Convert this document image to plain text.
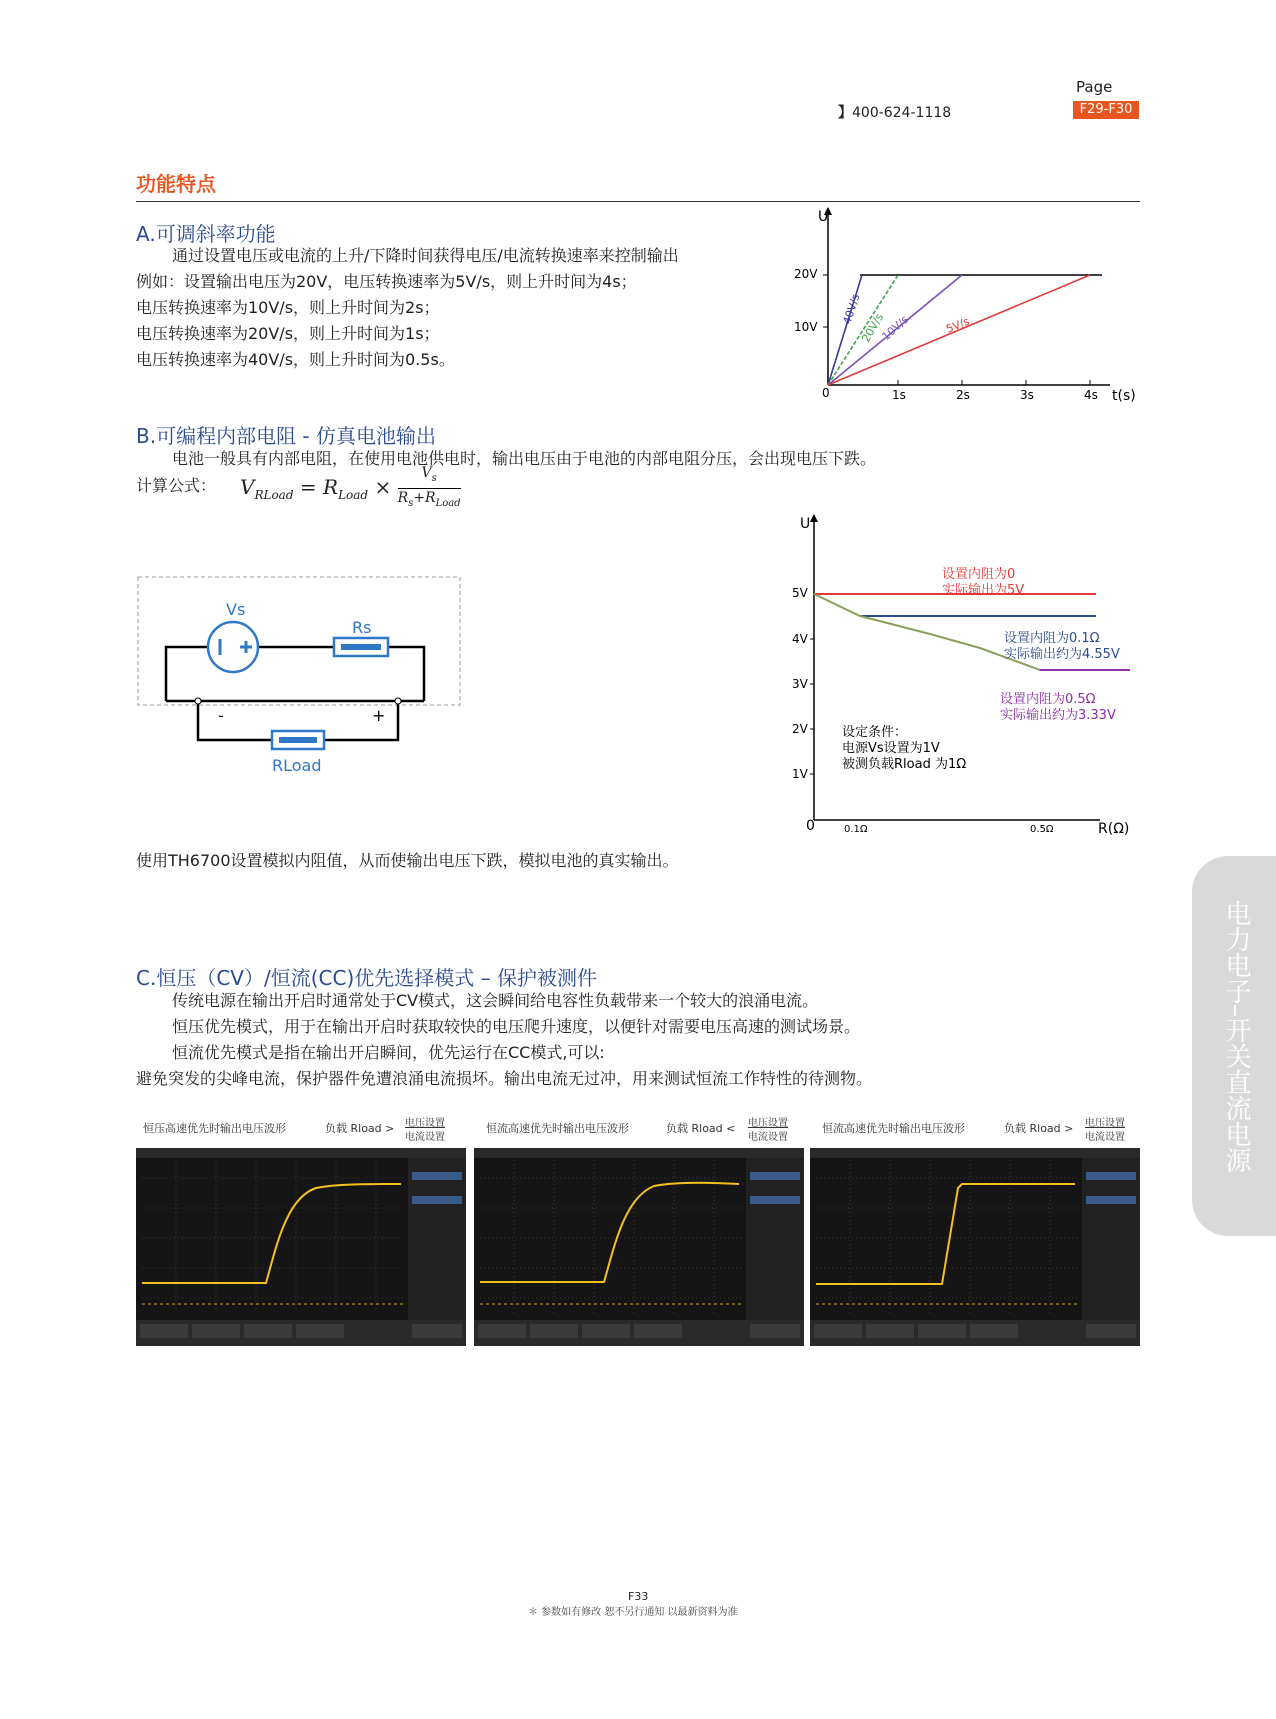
Page
】400-624-1118	F29-F30
功能特点
A.可调斜率功能
通过设置电压或电流的上升/下降时间获得电压/电流转换速率来控制输出
例如：设置输出电压为20V，电压转换速率为5V/s，则上升时间为4s；
电压转换速率为10V/s，则上升时间为2s；
电压转换速率为20V/s，则上升时间为1s；
电压转换速率为40V/s，则上升时间为0.5s。
U
t(s)
20V
10V
0	1s	2s	3s	4s
40V/s
20V/s
10V/s	5V/s
B.可编程内部电阻 - 仿真电池输出
电池一般具有内部电阻，在使用电池供电时，输出电压由于电池的内部电阻分压，会出现电压下跌。
计算公式： $V_{RLoad} = R_{Load}$ ×
$V_s$
$R_s+R_{Load}$
Vs
Rs
RLoad
-	+
U
R(Ω)
5V
4V
3V
2V
1V
0	0.1Ω	0.5Ω
设置内阻为0
实际输出为5V
设置内阻为0.1Ω
实际输出约为4.55V
设置内阻为0.5Ω
实际输出约为3.33V
设定条件：
电源Vs设置为1V
被测负载Rload 为1Ω
使用TH6700设置模拟内阻值，从而使输出电压下跌，模拟电池的真实输出。
C.恒压（CV）/恒流(CC)优先选择模式 – 保护被测件
传统电源在输出开启时通常处于CV模式，这会瞬间给电容性负载带来一个较大的浪涌电流。
恒压优先模式，用于在输出开启时获取较快的电压爬升速度，以便针对需要电压高速的测试场景。
恒流优先模式是指在输出开启瞬间，优先运行在CC模式,可以:
避免突发的尖峰电流，保护器件免遭浪涌电流损坏。输出电流无过冲，用来测试恒流工作特性的待测物。
恒压高速优先时输出电压波形	负载 Rload > 电压设置
电流设置
恒流高速优先时输出电压波形	负载 Rload < 电压设置
电流设置
恒流高速优先时输出电压波形	负载 Rload > 电压设置
电流设置	电力电子–开关直流电源
F33
＊ 参数如有修改 恕不另行通知 以最新资料为准
